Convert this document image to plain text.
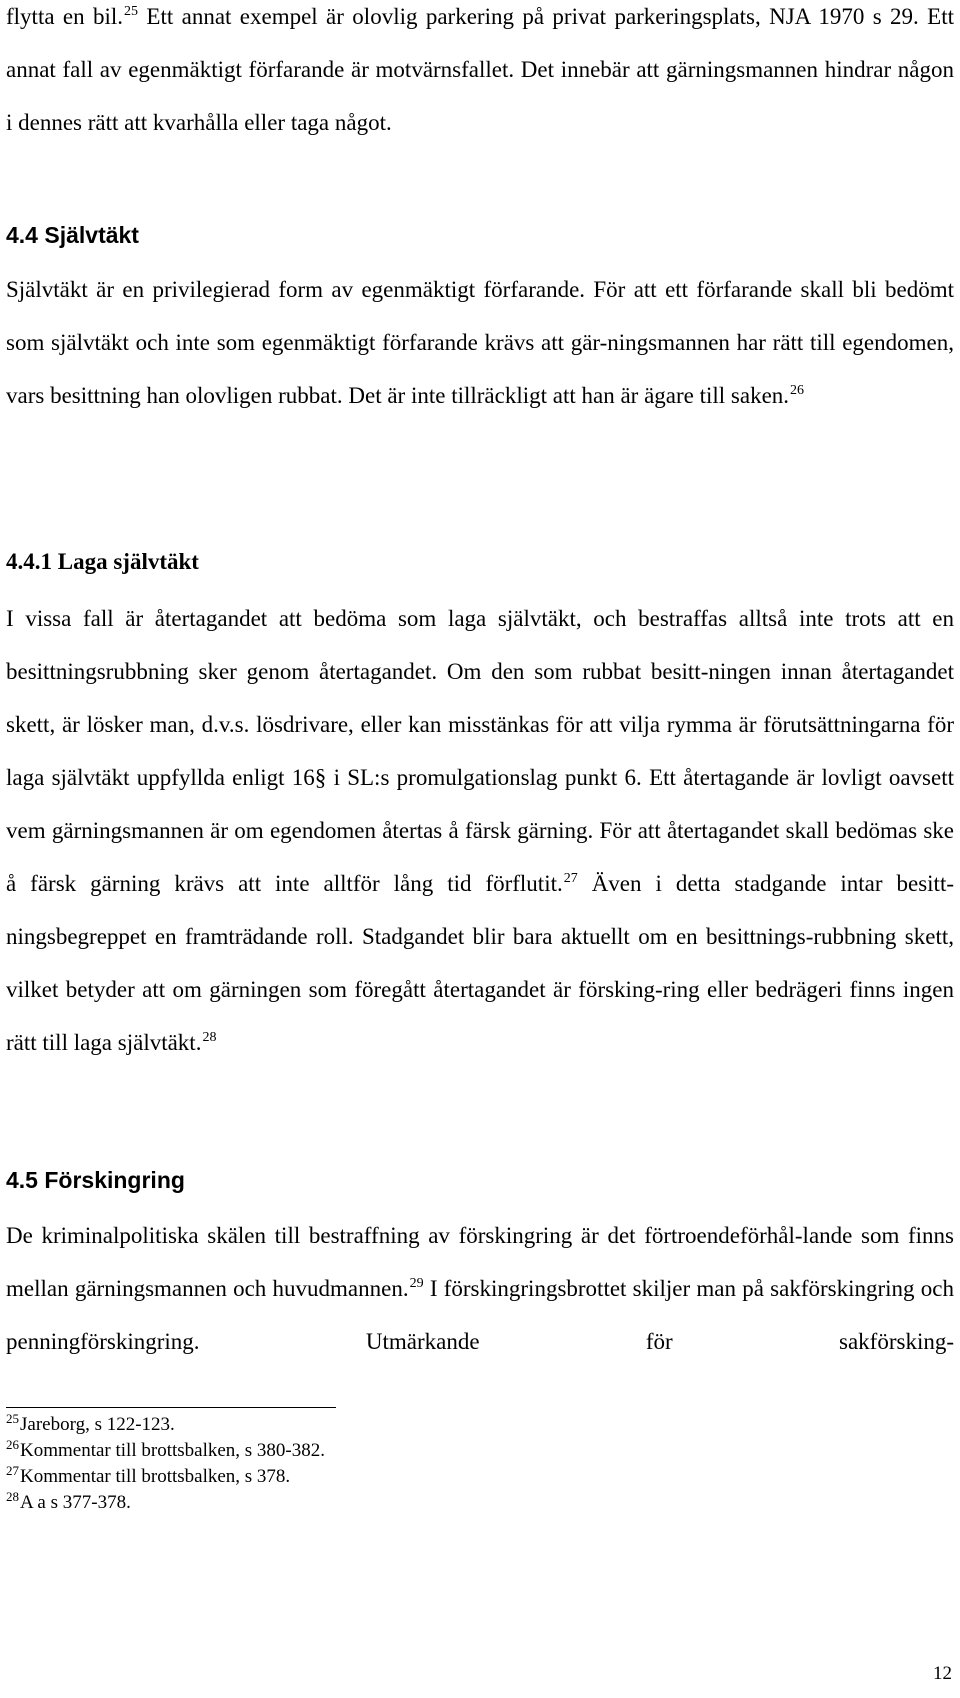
flytta en bil.$^{25}$ Ett annat exempel är olovlig parkering på privat parkeringsplats, NJA 1970 s 29. Ett annat fall av egenmäktigt förfarande är motvärnsfallet. Det innebär att gärningsmannen hindrar någon i dennes rätt att kvarhålla eller taga något.

4.4 Självtäkt

Självtäkt är en privilegierad form av egenmäktigt förfarande. För att ett förfarande skall bli bedömt som självtäkt och inte som egenmäktigt förfarande krävs att gär-ningsmannen har rätt till egendomen, vars besittning han olovligen rubbat. Det är inte tillräckligt att han är ägare till saken.$^{26}$

4.4.1 Laga självtäkt

I vissa fall är återtagandet att bedöma som laga självtäkt, och bestraffas alltså inte trots att en besittningsrubbning sker genom återtagandet. Om den som rubbat besitt-ningen innan återtagandet skett, är lösker man, d.v.s. lösdrivare, eller kan misstänkas för att vilja rymma är förutsättningarna för laga självtäkt uppfyllda enligt 16§ i SL:s promulgationslag punkt 6. Ett återtagande är lovligt oavsett vem gärningsmannen är om egendomen återtas å färsk gärning. För att återtagandet skall bedömas ske å färsk gärning krävs att inte alltför lång tid förflutit.$^{27}$ Även i detta stadgande intar besitt-ningsbegreppet en framträdande roll. Stadgandet blir bara aktuellt om en besittnings-rubbning skett, vilket betyder att om gärningen som föregått återtagandet är försking-ring eller bedrägeri finns ingen rätt till laga självtäkt.$^{28}$

4.5 Förskingring

De kriminalpolitiska skälen till bestraffning av förskingring är det förtroendeförhål-lande som finns mellan gärningsmannen och huvudmannen.$^{29}$ I förskingringsbrottet skiljer man på sakförskingring och penningförskingring. Utmärkande för sakförsking-

$^{25}$Jareborg, s 122-123.
$^{26}$Kommentar till brottsbalken, s 380-382.
$^{27}$Kommentar till brottsbalken, s 378.
$^{28}$A a s 377-378.
12
